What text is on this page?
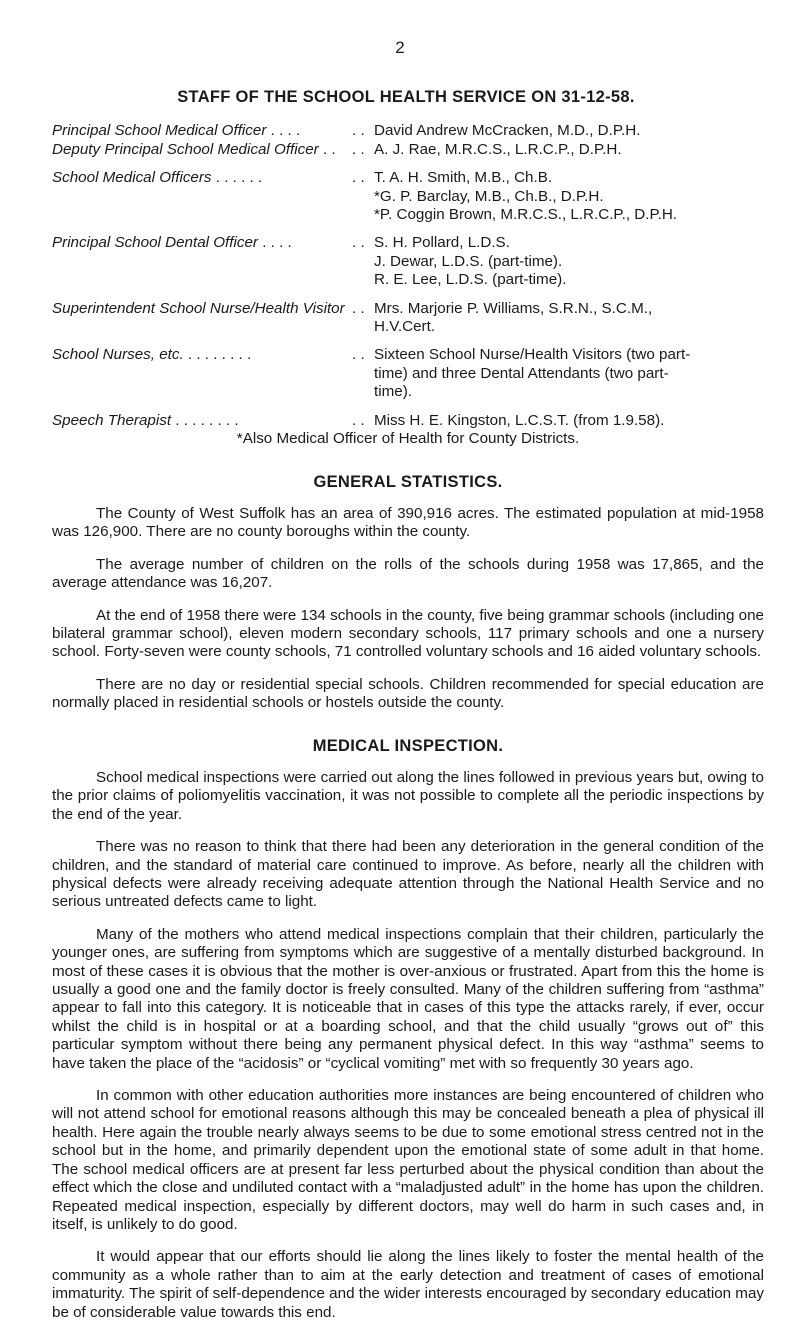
2
STAFF OF THE SCHOOL HEALTH SERVICE ON 31-12-58.
Principal School Medical Officer . . . .	. . David Andrew McCracken, M.D., D.P.H.
Deputy Principal School Medical Officer . .	. . A. J. Rae, M.R.C.S., L.R.C.P., D.P.H.
School Medical Officers . . . . . .	. . T. A. H. Smith, M.B., Ch.B.
*G. P. Barclay, M.B., Ch.B., D.P.H.
*P. Coggin Brown, M.R.C.S., L.R.C.P., D.P.H.
Principal School Dental Officer . . . .	. . S. H. Pollard, L.D.S.
J. Dewar, L.D.S. (part-time).
R. E. Lee, L.D.S. (part-time).
Superintendent School Nurse/Health Visitor . . Mrs. Marjorie P. Williams, S.R.N., S.C.M.,
H.V.Cert.
School Nurses, etc. . . . . . . . .	. . Sixteen School Nurse/Health Visitors (two part-
time) and three Dental Attendants (two part-
time).
Speech Therapist . . . . . . . .	. . Miss H. E. Kingston, L.C.S.T. (from 1.9.58).
*Also Medical Officer of Health for County Districts.
GENERAL STATISTICS.

The County of West Suffolk has an area of 390,916 acres. The estimated population at mid-1958 was 126,900. There are no county boroughs within the county.

The average number of children on the rolls of the schools during 1958 was 17,865, and the average attendance was 16,207.

At the end of 1958 there were 134 schools in the county, five being grammar schools (including one bilateral grammar school), eleven modern secondary schools, 117 primary schools and one a nursery school. Forty-seven were county schools, 71 controlled voluntary schools and 16 aided voluntary schools.

There are no day or residential special schools. Children recommended for special education are normally placed in residential schools or hostels outside the county.

MEDICAL INSPECTION.

School medical inspections were carried out along the lines followed in previous years but, owing to the prior claims of poliomyelitis vaccination, it was not possible to complete all the periodic inspections by the end of the year.

There was no reason to think that there had been any deterioration in the general condition of the children, and the standard of material care continued to improve. As before, nearly all the children with physical defects were already receiving adequate attention through the National Health Service and no serious untreated defects came to light.

Many of the mothers who attend medical inspections complain that their children, particularly the younger ones, are suffering from symptoms which are suggestive of a mentally disturbed background. In most of these cases it is obvious that the mother is over-anxious or frustrated. Apart from this the home is usually a good one and the family doctor is freely consulted. Many of the children suffering from “asthma” appear to fall into this category. It is noticeable that in cases of this type the attacks rarely, if ever, occur whilst the child is in hospital or at a boarding school, and that the child usually “grows out of” this particular symptom without there being any permanent physical defect. In this way “asthma” seems to have taken the place of the “acidosis” or “cyclical vomiting” met with so frequently 30 years ago.

In common with other education authorities more instances are being encountered of children who will not attend school for emotional reasons although this may be concealed beneath a plea of physical ill health. Here again the trouble nearly always seems to be due to some emotional stress centred not in the school but in the home, and primarily dependent upon the emotional state of some adult in that home. The school medical officers are at present far less perturbed about the physical condition than about the effect which the close and undiluted contact with a “maladjusted adult” in the home has upon the children. Repeated medical inspection, especially by different doctors, may well do harm in such cases and, in itself, is unlikely to do good.

It would appear that our efforts should lie along the lines likely to foster the mental health of the community as a whole rather than to aim at the early detection and treatment of cases of emotional immaturity. The spirit of self-dependence and the wider interests encouraged by secondary education may be of considerable value towards this end.
